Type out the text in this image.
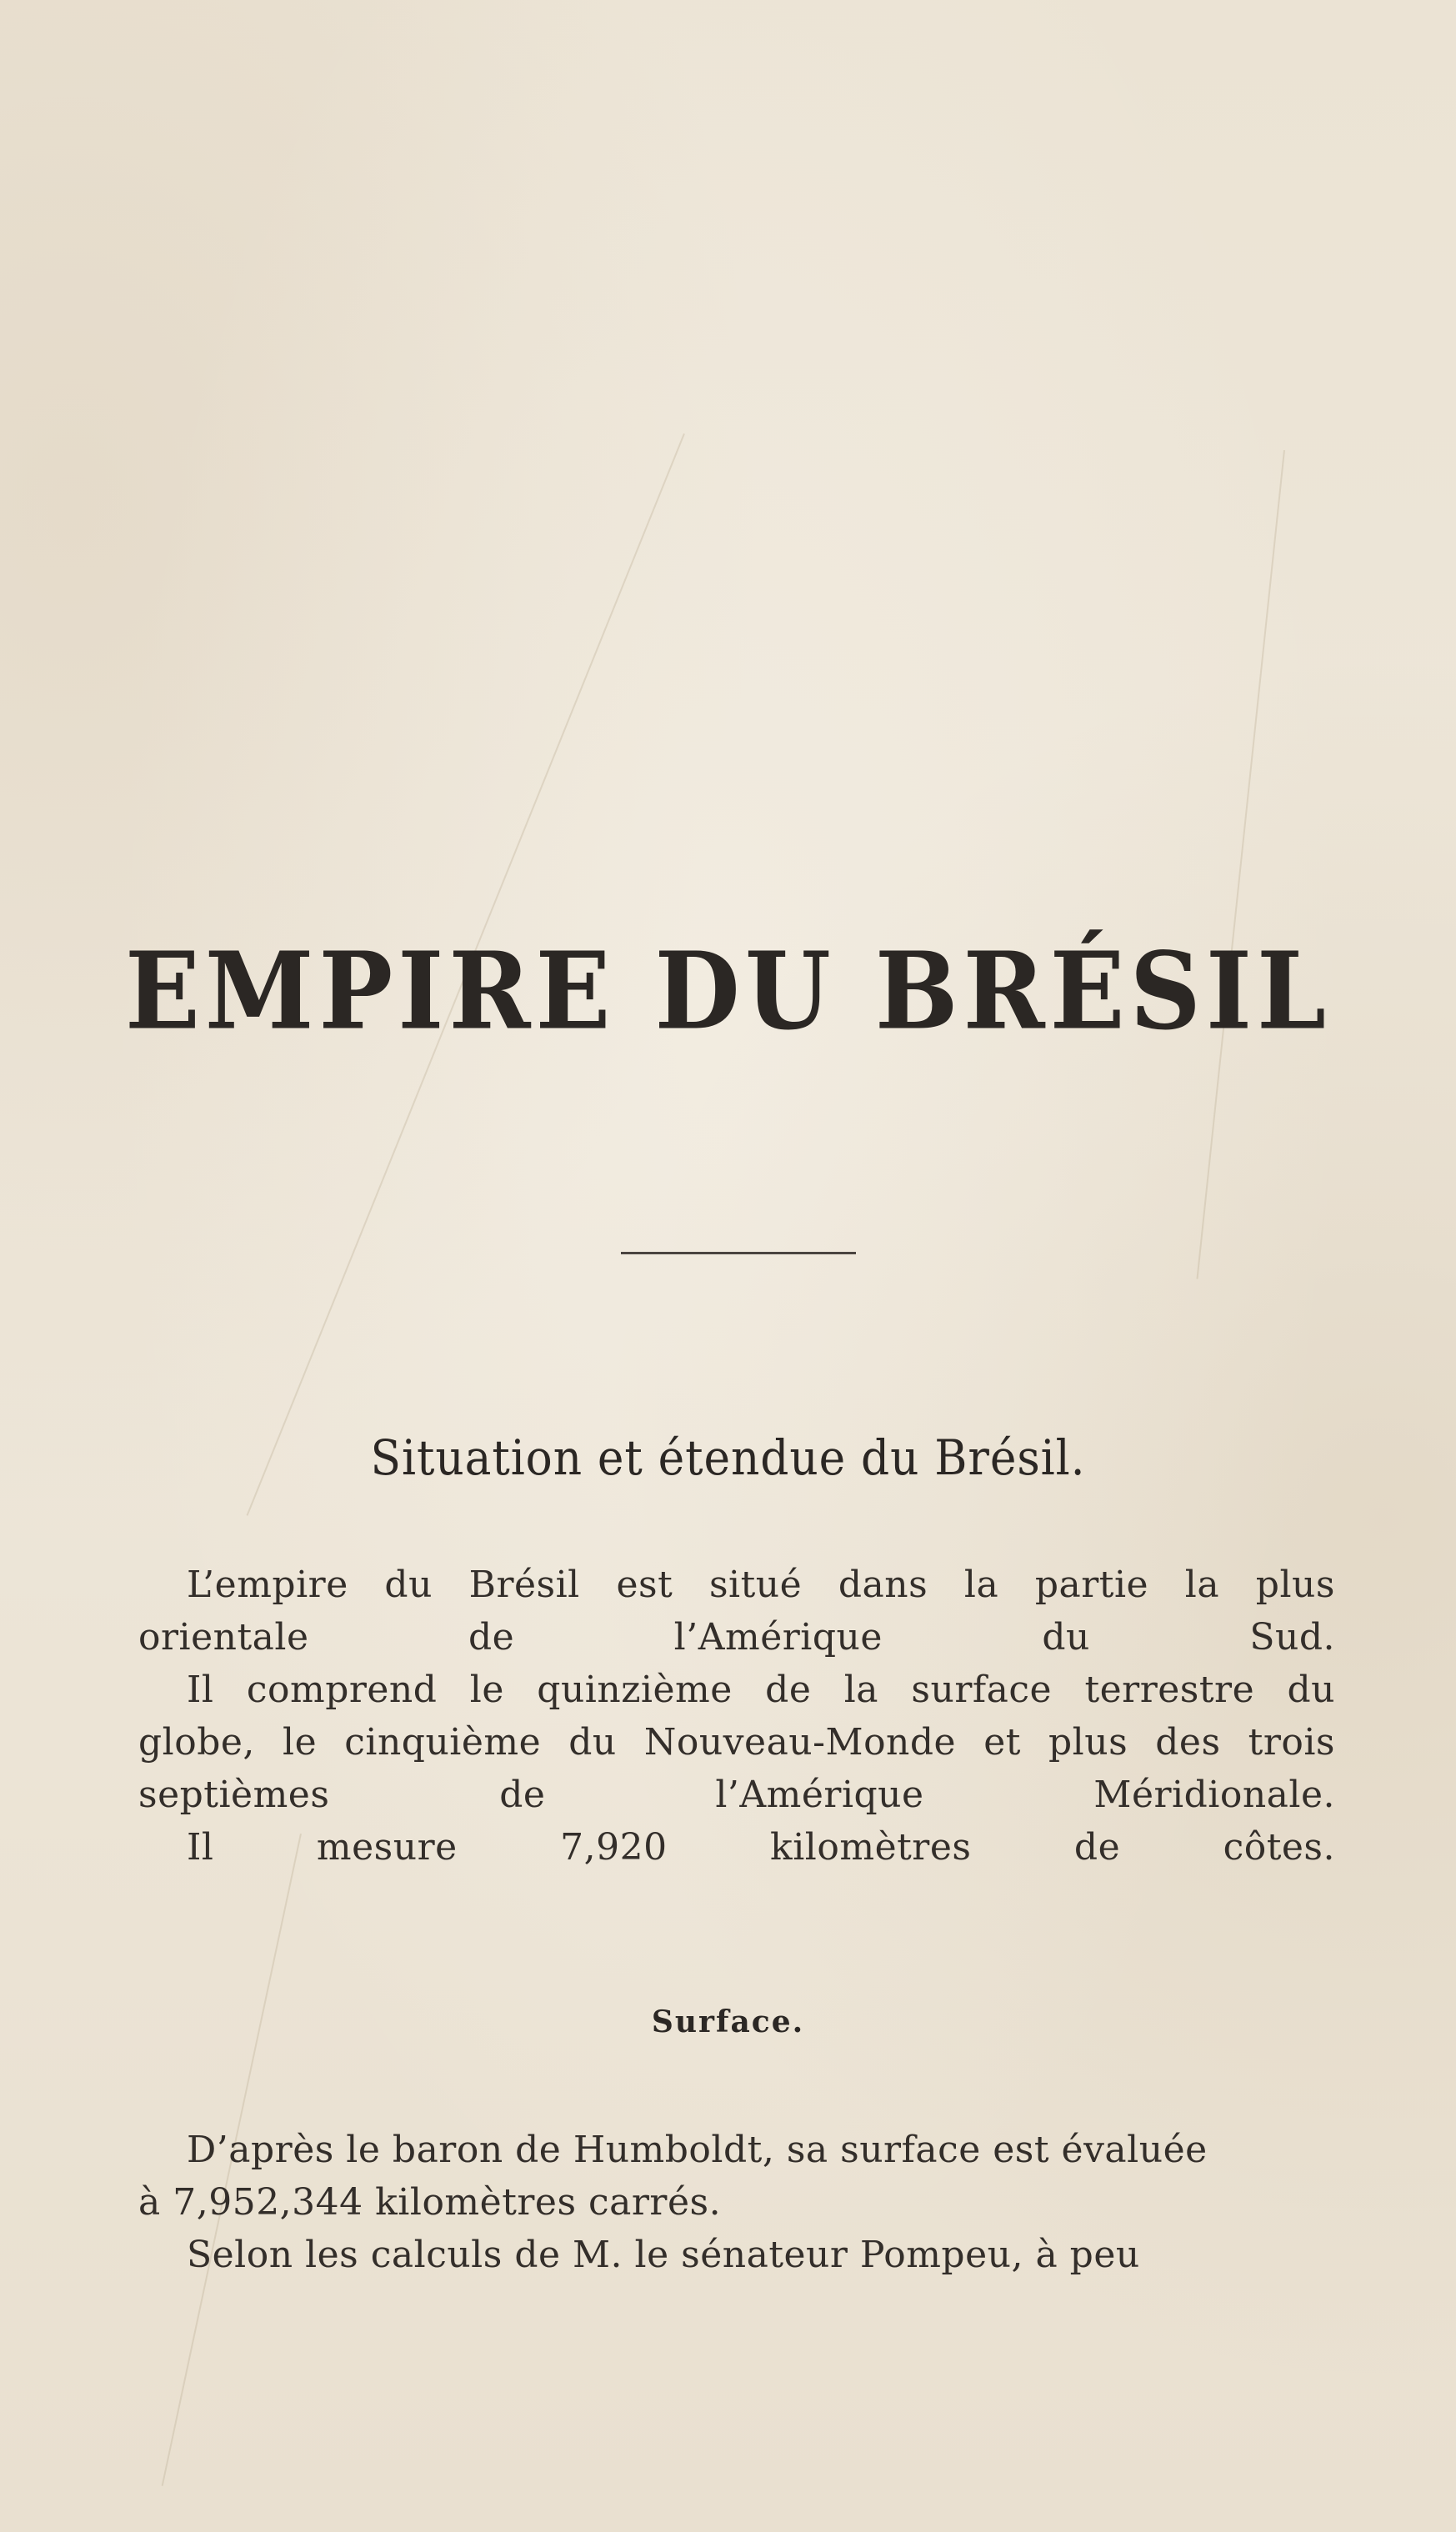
EMPIRE DU BRÉSIL
Situation et étendue du Brésil.
L’empire du Brésil est situé dans la partie la plus
orientale de l’Amérique du Sud.
Il comprend le quinzième de la surface terrestre du
globe, le cinquième du Nouveau-Monde et plus des trois
septièmes de l’Amérique Méridionale.
Il mesure 7,920 kilomètres de côtes.
Surface.
D’après le baron de Humboldt, sa surface est évaluée
à 7,952,344 kilomètres carrés.
Selon les calculs de M. le sénateur Pompeu, à peu
